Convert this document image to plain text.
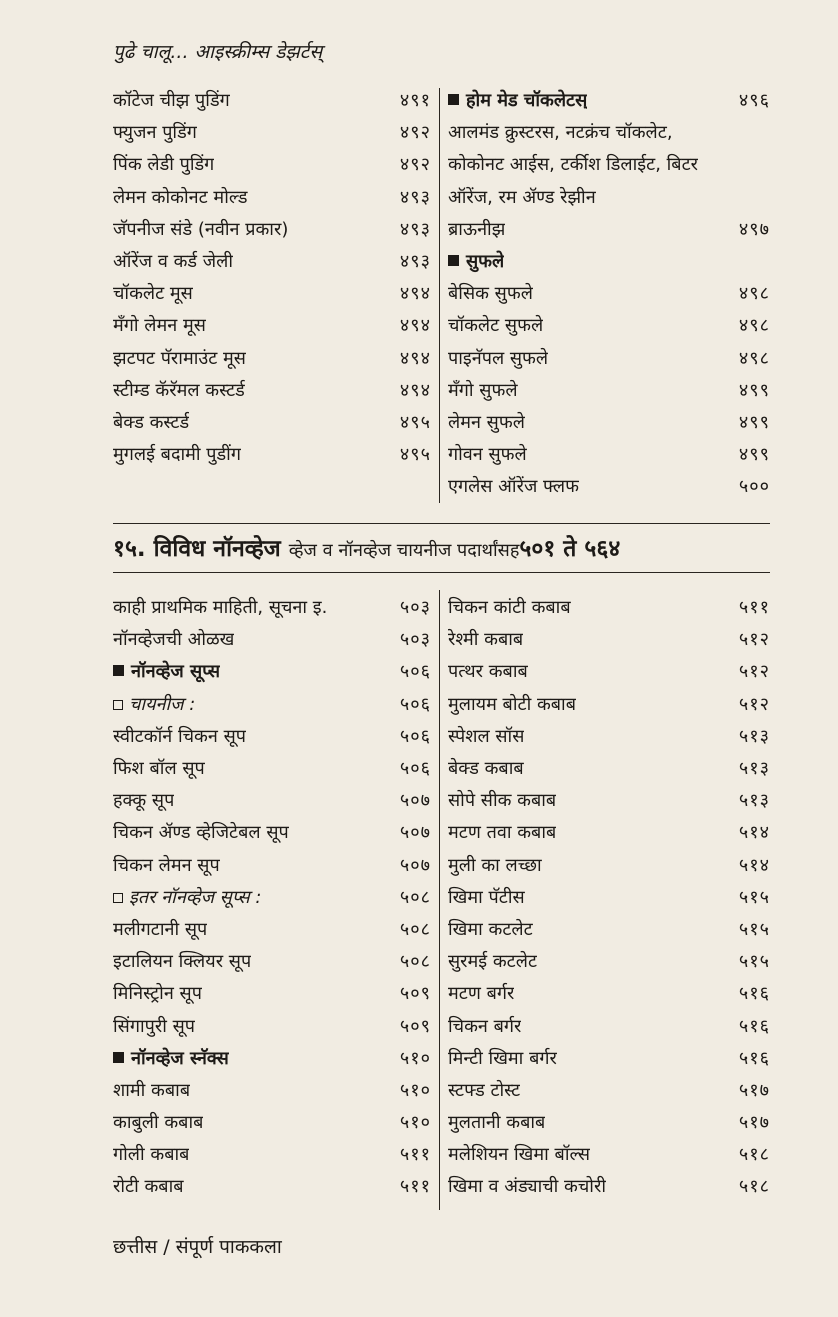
पुढे चालू... आइस्क्रीम्स डेझर्टस्
कॉटेज चीझ पुडिंग	४९१
फ्युजन पुडिंग	४९२
पिंक लेडी पुडिंग	४९२
लेमन कोकोनट मोल्ड	४९३
जॅपनीज संडे (नवीन प्रकार)	४९३
ऑरेंज व कर्ड जेली	४९३
चॉकलेट मूस	४९४
मॅंगो लेमन मूस	४९४
झटपट पॅरामाउंट मूस	४९४
स्टीम्ड कॅरॅमल कस्टर्ड	४९४
बेक्ड कस्टर्ड	४९५
मुगलई बदामी पुडींग	४९५
होम मेड चॉकलेटस्	४९६
आलमंड क्रुस्टरस, नटक्रंच चॉकलेट,
कोकोनट आईस, टर्कीश डिलाईट, बिटर
ऑरेंज, रम ॲण्ड रेझीन
ब्राऊनीझ	४९७
सुफले
बेसिक सुफले	४९८
चॉकलेट सुफले	४९८
पाइनॅपल सुफले	४९८
मॅंगो सुफले	४९९
लेमन सुफले	४९९
गोवन सुफले	४९९
एगलेस ऑरेंज फ्लफ	५००
१५. विविध नॉनव्हेज व्हेज व नॉनव्हेज चायनीज पदार्थांसह५०१ ते ५६४
काही प्राथमिक माहिती, सूचना इ.	५०३
नॉनव्हेजची ओळख	५०३
नॉनव्हेज सूप्स	५०६
चायनीज :	५०६
स्वीटकॉर्न चिकन सूप	५०६
फिश बॉल सूप	५०६
हक्कू सूप	५०७
चिकन ॲण्ड व्हेजिटेबल सूप	५०७
चिकन लेमन सूप	५०७
इतर नॉनव्हेज सूप्स :	५०८
मलीगटानी सूप	५०८
इटालियन क्लियर सूप	५०८
मिनिस्ट्रोन सूप	५०९
सिंगापुरी सूप	५०९
नॉनव्हेज स्नॅक्स	५१०
शामी कबाब	५१०
काबुली कबाब	५१०
गोली कबाब	५११
रोटी कबाब	५११
चिकन कांटी कबाब	५११
रेश्मी कबाब	५१२
पत्थर कबाब	५१२
मुलायम बोटी कबाब	५१२
स्पेशल सॉस	५१३
बेक्ड कबाब	५१३
सोपे सीक कबाब	५१३
मटण तवा कबाब	५१४
मुली का लच्छा	५१४
खिमा पॅटीस	५१५
खिमा कटलेट	५१५
सुरमई कटलेट	५१५
मटण बर्गर	५१६
चिकन बर्गर	५१६
मिन्टी खिमा बर्गर	५१६
स्टफ्ड टोस्ट	५१७
मुलतानी कबाब	५१७
मलेशियन खिमा बॉल्स	५१८
खिमा व अंड्याची कचोरी	५१८
छत्तीस / संपूर्ण पाककला
